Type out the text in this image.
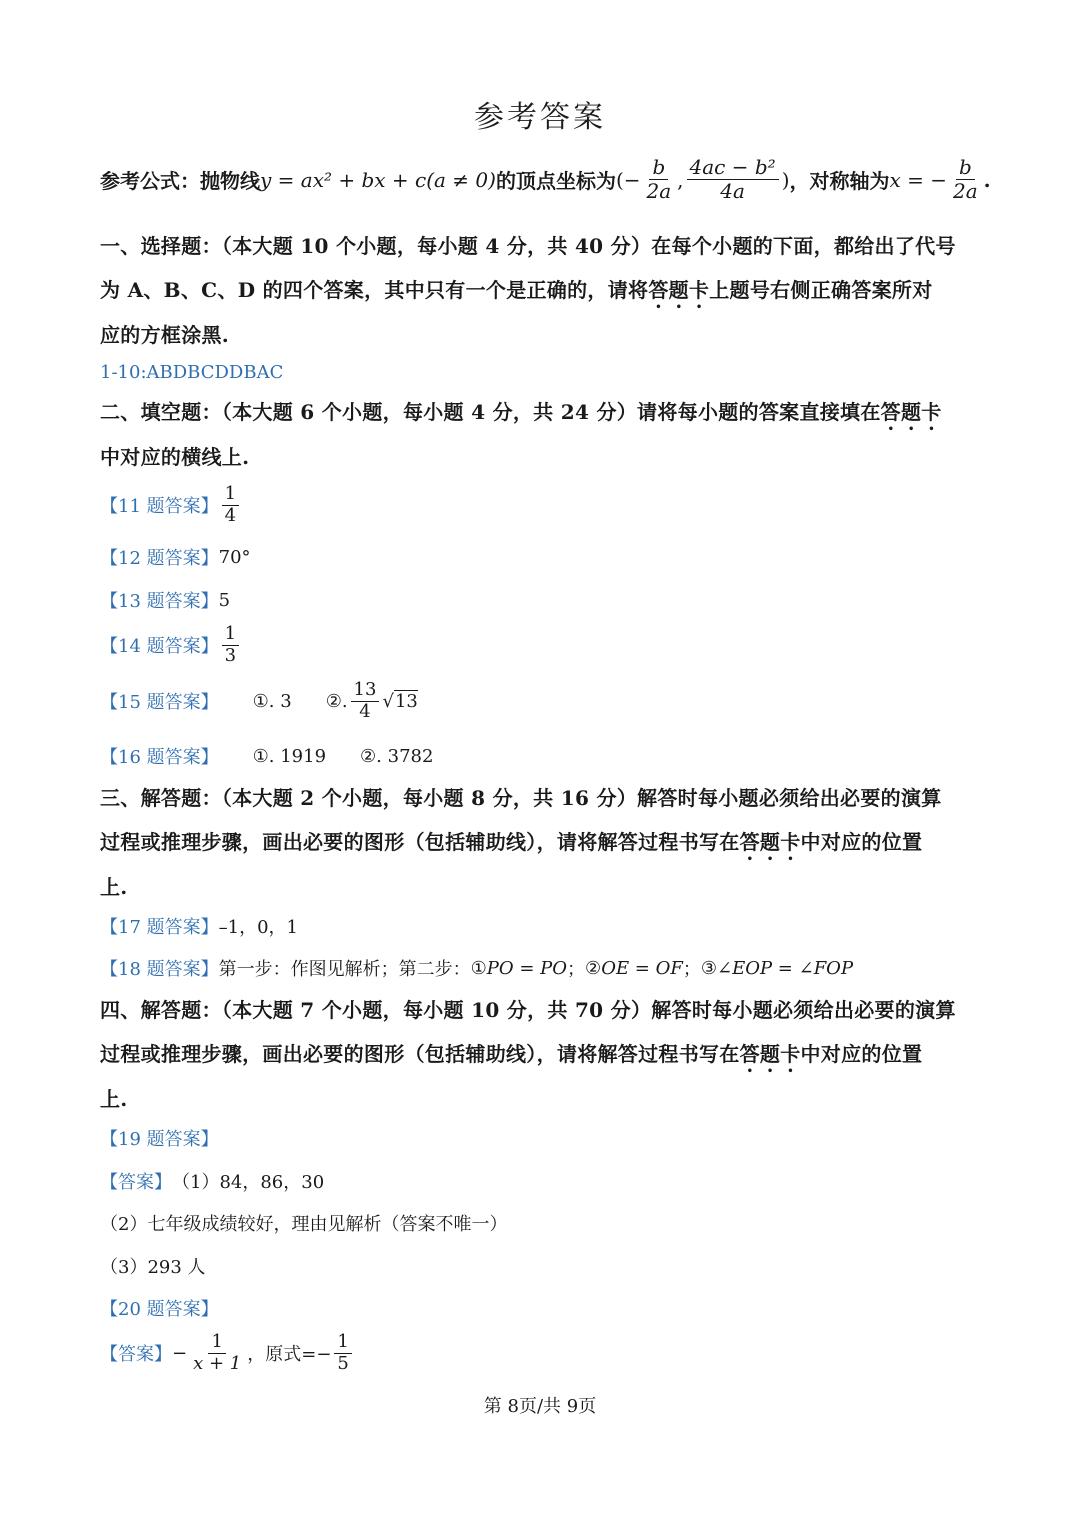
参考答案
参考公式： 抛物线 y = ax² + bx + c(a ≠ 0) 的顶点坐标为 (− $\frac{b}{2a}$ , $\frac{\text{4ac − b²}}{4a}$ ) ，对称轴为 x = − $\frac{b}{2a}$ .
一、选择题：（本大题 10 个小题，每小题 4 分，共 40 分）在每个小题的下面，都给出了代号
为 A、B、C、D 的四个答案，其中只有一个是正确的，请将答题卡上题号右侧正确答案所对
应的方框涂黑.
1-10:ABDBCDDBAC
二、填空题：（本大题 6 个小题，每小题 4 分，共 24 分）请将每小题的答案直接填在答题卡
中对应的横线上.
【11 题答案】 $\frac{1}{4}$
【12 题答案】 70°
【13 题答案】 5
【14 题答案】 $\frac{1}{3}$
【15 题答案】 ①. 3 ②. $\frac{13}{4}$ √ 13
【16 题答案】 ①. 1919 ②. 3782
三、解答题：（本大题 2 个小题，每小题 8 分，共 16 分）解答时每小题必须给出必要的演算
过程或推理步骤，画出必要的图形（包括辅助线），请将解答过程书写在答题卡中对应的位置
上.
【17 题答案】 –1，0，1
【18 题答案】 第一步：作图见解析；第二步： ① PO = PO ； ② OE = OF ； ③ ∠EOP = ∠FOP
四、解答题：（本大题 7 个小题，每小题 10 分，共 70 分）解答时每小题必须给出必要的演算
过程或推理步骤，画出必要的图形（包括辅助线），请将解答过程书写在答题卡中对应的位置
上.
【19 题答案】
【答案】 （1）84，86，30
（2）七年级成绩较好，理由见解析（答案不唯一）
（3）293 人
【20 题答案】
【答案】 − $\frac{1}{x + 1}$ ，原式=− $\frac{1}{5}$
第 8页/共 9页
